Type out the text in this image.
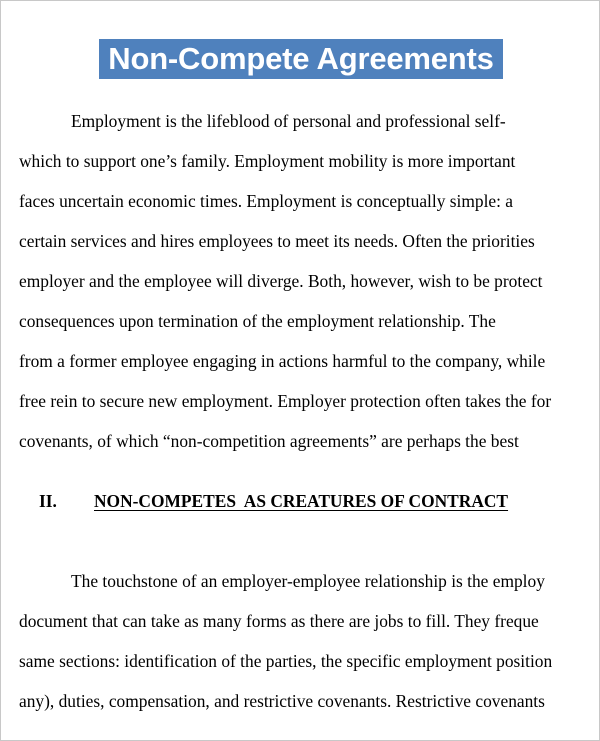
Non-Compete Agreements
Employment is the lifeblood of personal and professional self-
which to support one’s family. Employment mobility is more important
faces uncertain economic times. Employment is conceptually simple: a
certain services and hires employees to meet its needs. Often the priorities
employer and the employee will diverge. Both, however, wish to be protect
consequences upon termination of the employment relationship. The
from a former employee engaging in actions harmful to the company, while
free rein to secure new employment. Employer protection often takes the for
covenants, of which “non-competition agreements” are perhaps the best
II. NON-COMPETES  AS CREATURES OF CONTRACT
The touchstone of an employer-employee relationship is the employ
document that can take as many forms as there are jobs to fill. They freque
same sections: identification of the parties, the specific employment position
any), duties, compensation, and restrictive covenants. Restrictive covenants
